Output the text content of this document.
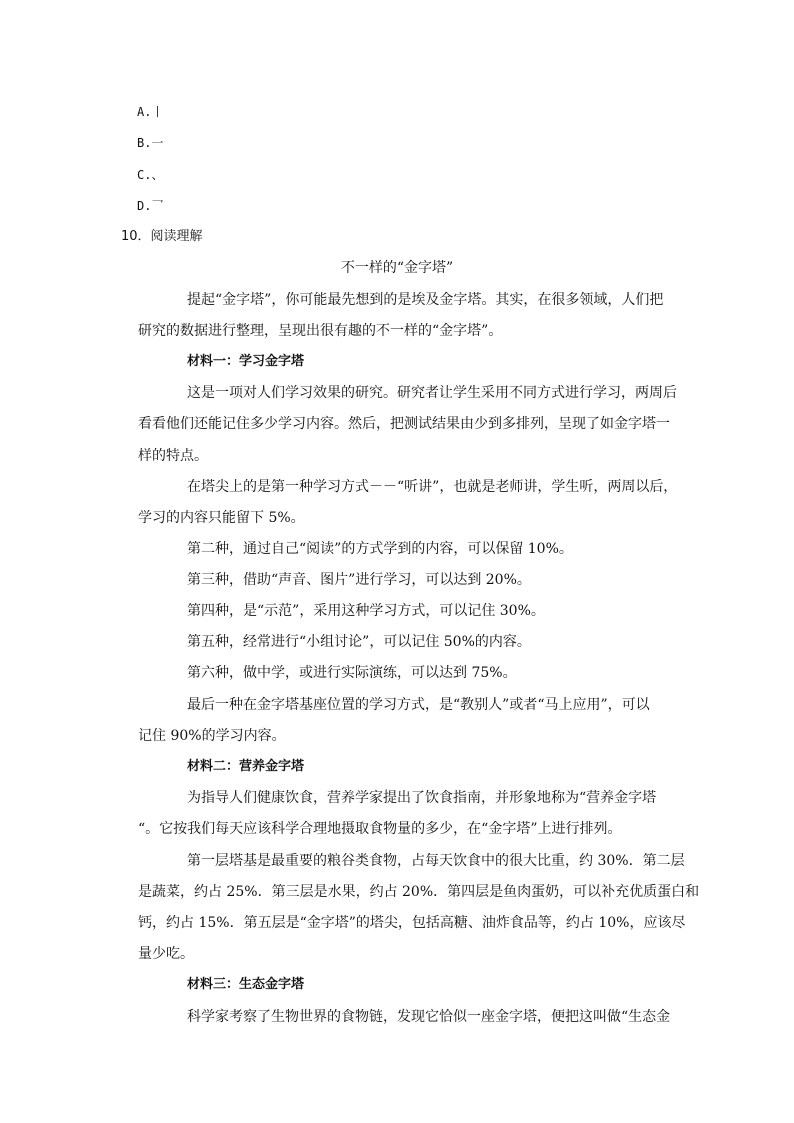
A.丨
B.一
C.、
D.乛
10．阅读理解
不一样的“金字塔”
提起“金字塔”，你可能最先想到的是埃及金字塔。其实，在很多领域，人们把
研究的数据进行整理，呈现出很有趣的不一样的“金字塔”。
材料一：学习金字塔
这是一项对人们学习效果的研究。研究者让学生采用不同方式进行学习，两周后
看看他们还能记住多少学习内容。然后，把测试结果由少到多排列，呈现了如金字塔一
样的特点。
在塔尖上的是第一种学习方式－－“听讲”，也就是老师讲，学生听，两周以后，
学习的内容只能留下 5%。
第二种，通过自己“阅读”的方式学到的内容，可以保留 10%。
第三种，借助“声音、图片”进行学习，可以达到 20%。
第四种，是“示范”，采用这种学习方式，可以记住 30%。
第五种，经常进行“小组讨论”，可以记住 50%的内容。
第六种，做中学，或进行实际演练，可以达到 75%。
最后一种在金字塔基座位置的学习方式，是“教别人”或者“马上应用”，可以
记住 90%的学习内容。
材料二：营养金字塔
为指导人们健康饮食，营养学家提出了饮食指南，并形象地称为“营养金字塔
“。它按我们每天应该科学合理地摄取食物量的多少，在“金字塔”上进行排列。
第一层塔基是最重要的粮谷类食物，占每天饮食中的很大比重，约 30%．第二层
是蔬菜，约占 25%．第三层是水果，约占 20%．第四层是鱼肉蛋奶，可以补充优质蛋白和
钙，约占 15%．第五层是“金字塔”的塔尖，包括高糖、油炸食品等，约占 10%，应该尽
量少吃。
材料三：生态金字塔
科学家考察了生物世界的食物链，发现它恰似一座金字塔，便把这叫做“生态金
